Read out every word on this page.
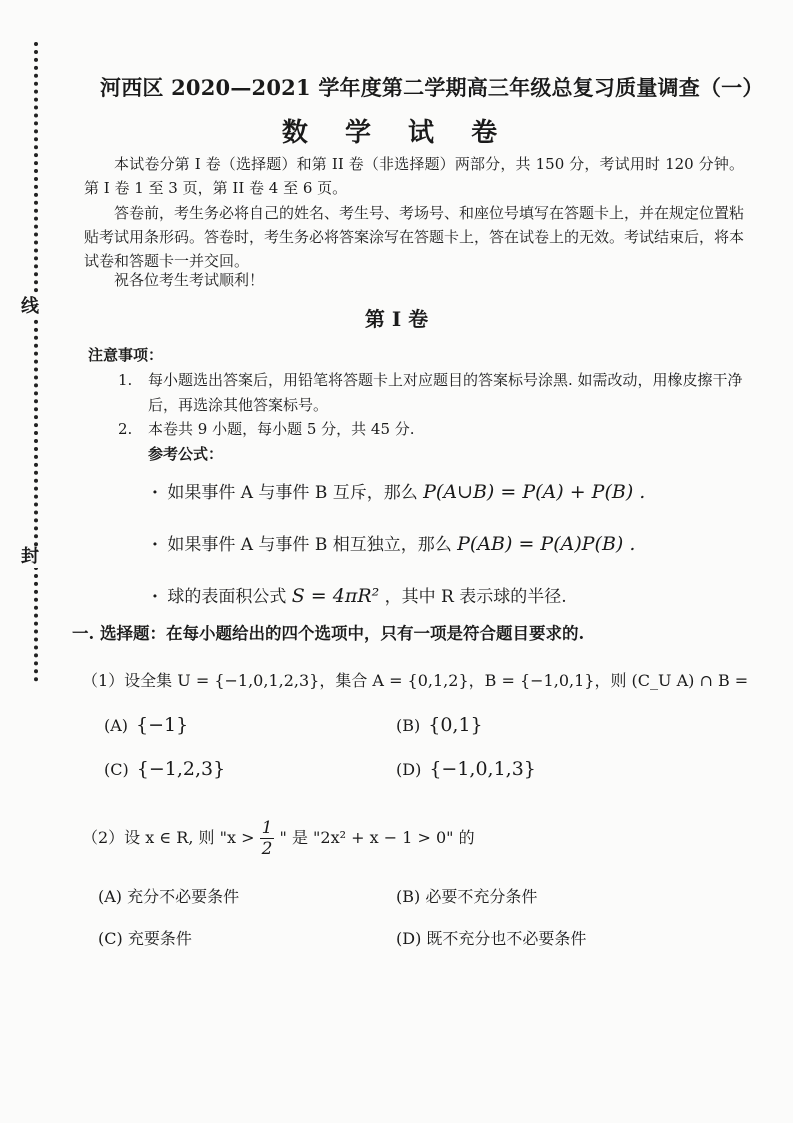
线
封
河西区 2020—2021 学年度第二学期高三年级总复习质量调查（一）
数 学 试 卷
本试卷分第 I 卷（选择题）和第 II 卷（非选择题）两部分，共 150 分，考试用时 120 分钟。第 I 卷 1 至 3 页，第 II 卷 4 至 6 页。
答卷前，考生务必将自己的姓名、考生号、考场号、和座位号填写在答题卡上，并在规定位置粘贴考试用条形码。答卷时，考生务必将答案涂写在答题卡上，答在试卷上的无效。考试结束后，将本试卷和答题卡一并交回。
祝各位考生考试顺利！
第 I 卷
注意事项：
1. 每小题选出答案后，用铅笔将答题卡上对应题目的答案标号涂黑. 如需改动，用橡皮擦干净后，再选涂其他答案标号。
2. 本卷共 9 小题，每小题 5 分，共 45 分.
参考公式：
· 如果事件 A 与事件 B 互斥，那么 P(A∪B) = P(A) + P(B) .
· 如果事件 A 与事件 B 相互独立，那么 P(AB) = P(A)P(B) .
· 球的表面积公式 S = 4πR² ，其中 R 表示球的半径.
一. 选择题：在每小题给出的四个选项中，只有一项是符合题目要求的.
（1）设全集 U = {−1,0,1,2,3}，集合 A = {0,1,2}，B = {−1,0,1}，则 (C_U A) ∩ B =
(A) {−1}	(B) {0,1}
(C) {−1,2,3}	(D) {−1,0,1,3}
（2）设 x ∈ R, 则 "$x > \frac{1}{2}$ " 是 "2x² + x − 1 > 0" 的
(A) 充分不必要条件	(B) 必要不充分条件
(C) 充要条件	(D) 既不充分也不必要条件
